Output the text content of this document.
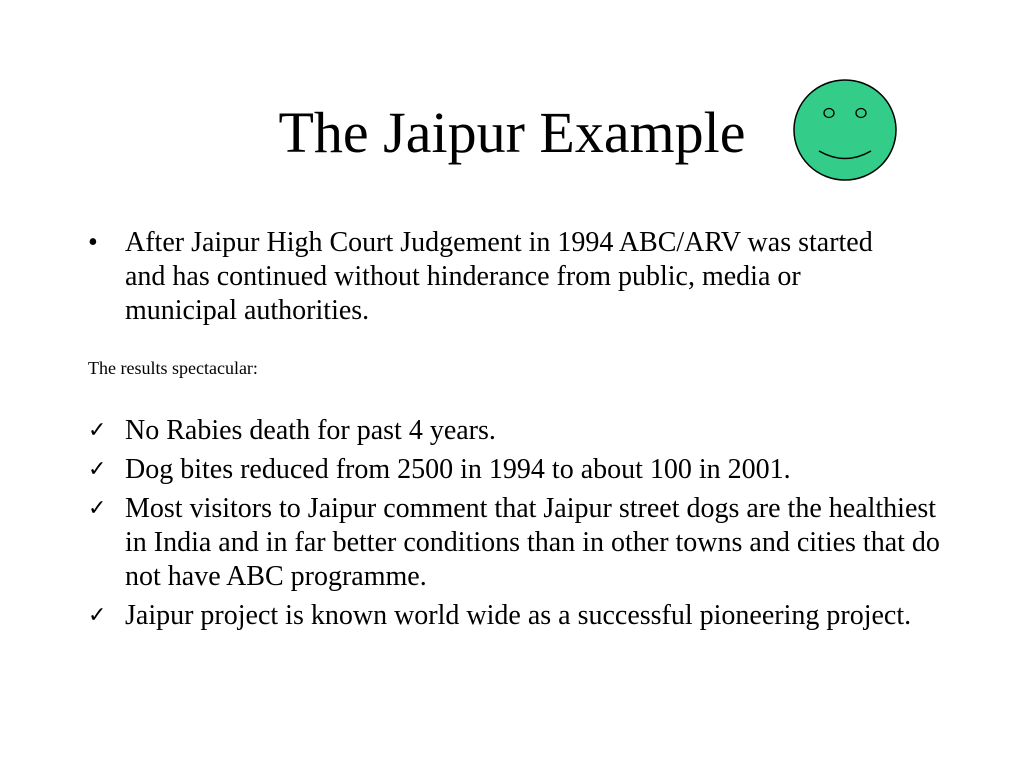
The Jaipur Example
• After Jaipur High Court Judgement in 1994 ABC/ARV was started and has continued without hinderance from public, media or municipal authorities.
The results spectacular:
✓ No Rabies death for past 4 years.
✓ Dog bites reduced from 2500 in 1994 to about 100 in 2001.
✓ Most visitors to Jaipur comment that Jaipur street dogs are the healthiest in India and in far better conditions than in other towns and cities that do not have ABC programme.
✓ Jaipur project is known world wide as a successful pioneering project.
